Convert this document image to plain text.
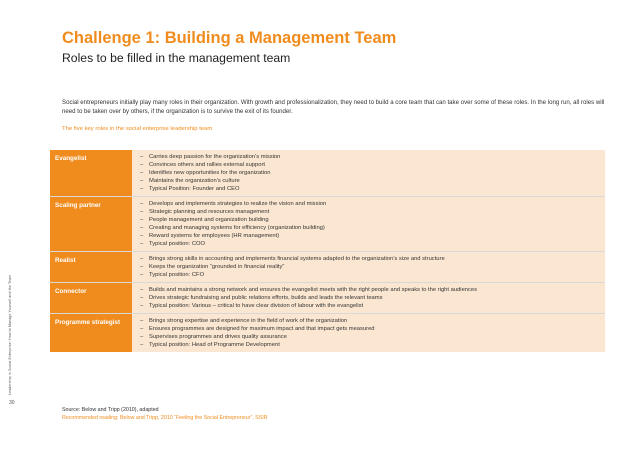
Leadership in Social Enterprise: How to Manage Yourself and the Team
30
Challenge 1: Building a Management Team
Roles to be filled in the management team

Social entrepreneurs initially play many roles in their organization. With growth and professionalization, they need to build a core team that can take over some of these roles. In the long run, all roles will need to be taken over by others, if the organization is to survive the exit of its founder.

The five key roles in the social enterprise leadership team
Evangelist	– Carries deep passion for the organization’s mission
– Convinces others and rallies external support
– Identifies new opportunities for the organization
– Maintains the organization’s culture
– Typical Position: Founder and CEO
Scaling partner	– Develops and implements strategies to realize the vision and mission
– Strategic planning and resources management
– People management and organization building
– Creating and managing systems for efficiency (organization building)
– Reward systems for employees (HR management)
– Typical position: COO
Realist	– Brings strong skills in accounting and implements financial systems adapted to the organization’s size and structure
– Keeps the organization “grounded in financial reality”
– Typical position: CFO
Connector	– Builds and maintains a strong network and ensures the evangelist meets with the right people and speaks to the right audiences
– Drives strategic fundraising and public relations efforts, builds and leads the relevant teams
– Typical position: Various – critical to have clear division of labour with the evangelist
Programme strategist	– Brings strong expertise and experience in the field of work of the organization
– Ensures programmes are designed for maximum impact and that impact gets measured
– Supervises programmes and drives quality assurance
– Typical position: Head of Programme Development
Source: Below and Tripp (2010), adapted
Recommended reading: Below and Tripp, 2010 “Feeling the Social Entrepreneur”, SSIR
